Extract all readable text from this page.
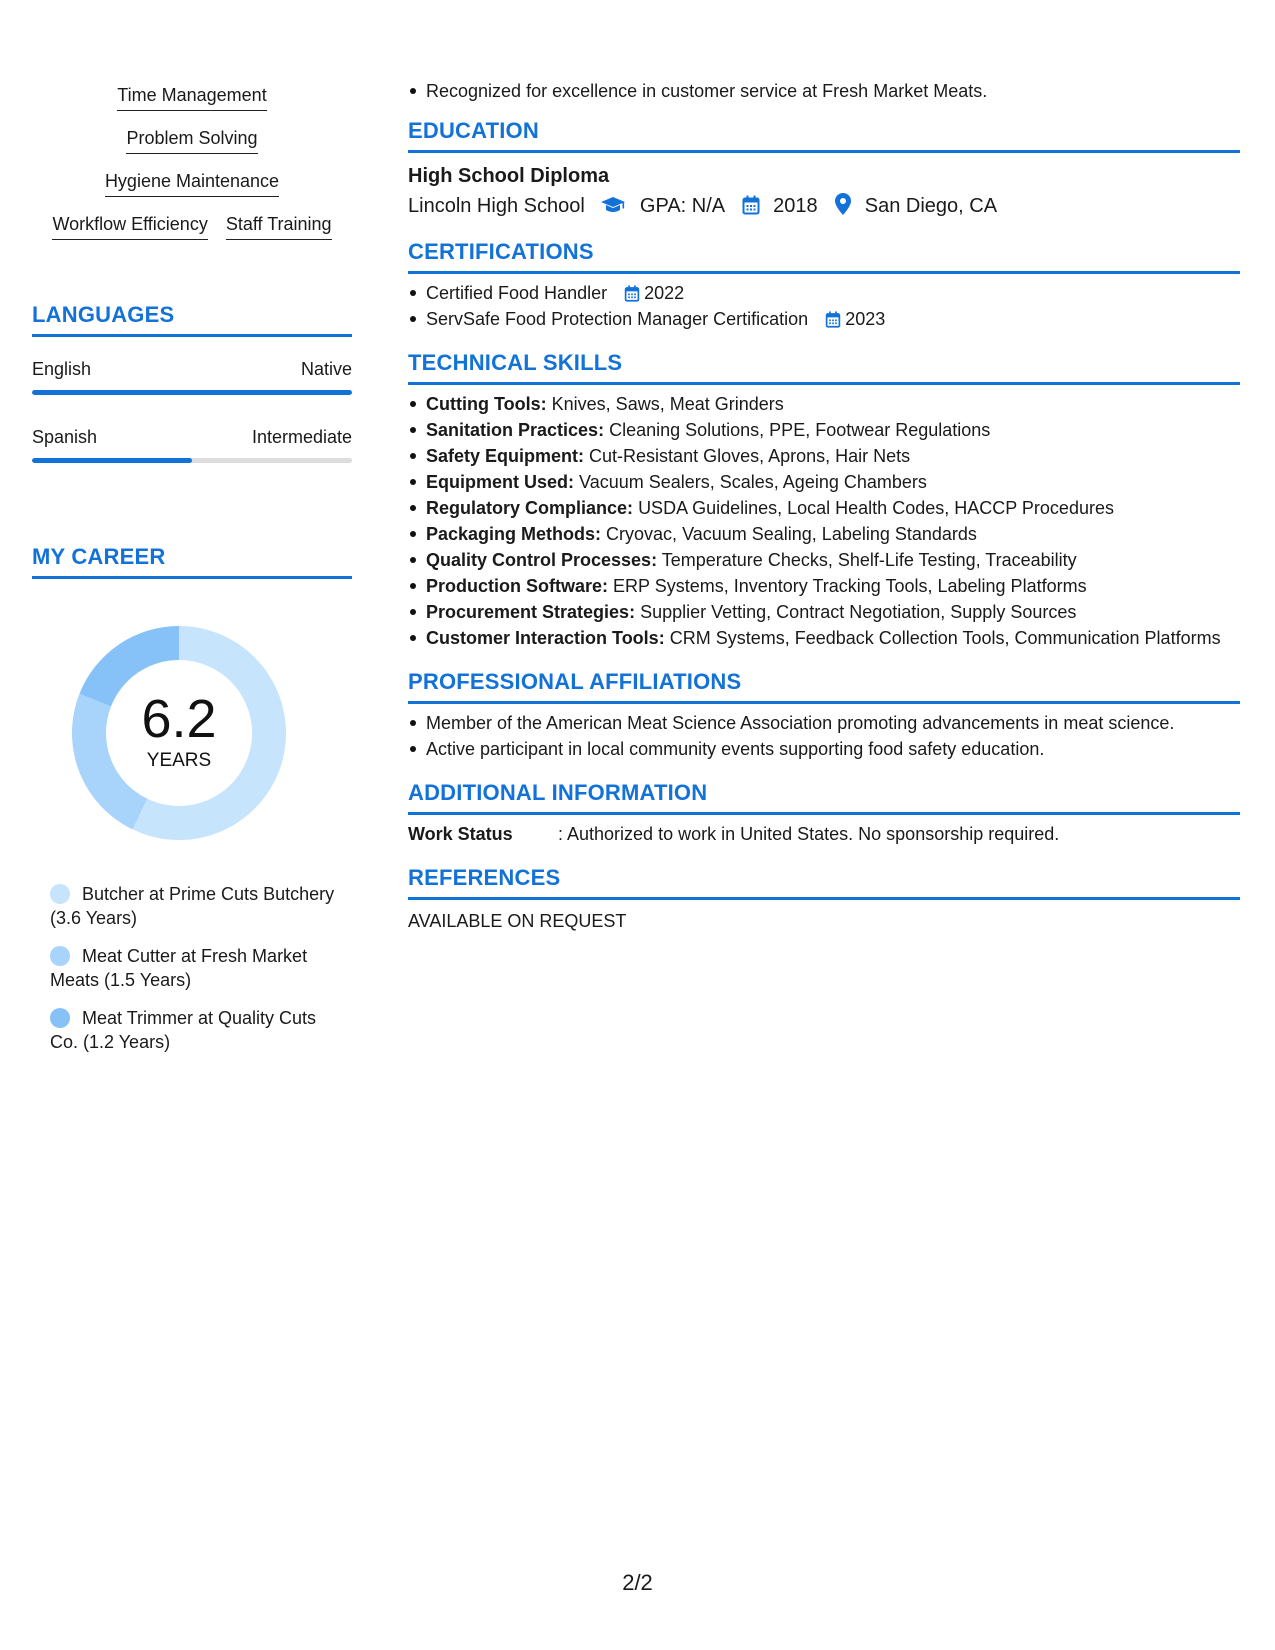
Time Management
Problem Solving
Hygiene Maintenance
Workflow Efficiency Staff Training
LANGUAGES
English	Native
Spanish	Intermediate
MY CAREER
6.2
YEARS
Butcher at Prime Cuts Butchery (3.6 Years)
Meat Cutter at Fresh Market Meats (1.5 Years)
Meat Trimmer at Quality Cuts Co. (1.2 Years)
Recognized for excellence in customer service at Fresh Market Meats.
EDUCATION
High School Diploma
Lincoln High School	GPA: N/A 2018 San Diego, CA
CERTIFICATIONS
Certified Food Handler 2022
ServSafe Food Protection Manager Certification 2023
TECHNICAL SKILLS
Cutting Tools: Knives, Saws, Meat Grinders
Sanitation Practices: Cleaning Solutions, PPE, Footwear Regulations
Safety Equipment: Cut-Resistant Gloves, Aprons, Hair Nets
Equipment Used: Vacuum Sealers, Scales, Ageing Chambers
Regulatory Compliance: USDA Guidelines, Local Health Codes, HACCP Procedures
Packaging Methods: Cryovac, Vacuum Sealing, Labeling Standards
Quality Control Processes: Temperature Checks, Shelf-Life Testing, Traceability
Production Software: ERP Systems, Inventory Tracking Tools, Labeling Platforms
Procurement Strategies: Supplier Vetting, Contract Negotiation, Supply Sources
Customer Interaction Tools: CRM Systems, Feedback Collection Tools, Communication Platforms
PROFESSIONAL AFFILIATIONS
Member of the American Meat Science Association promoting advancements in meat science.
Active participant in local community events supporting food safety education.
ADDITIONAL INFORMATION
Work Status	: Authorized to work in United States. No sponsorship required.
REFERENCES
AVAILABLE ON REQUEST
2/2
